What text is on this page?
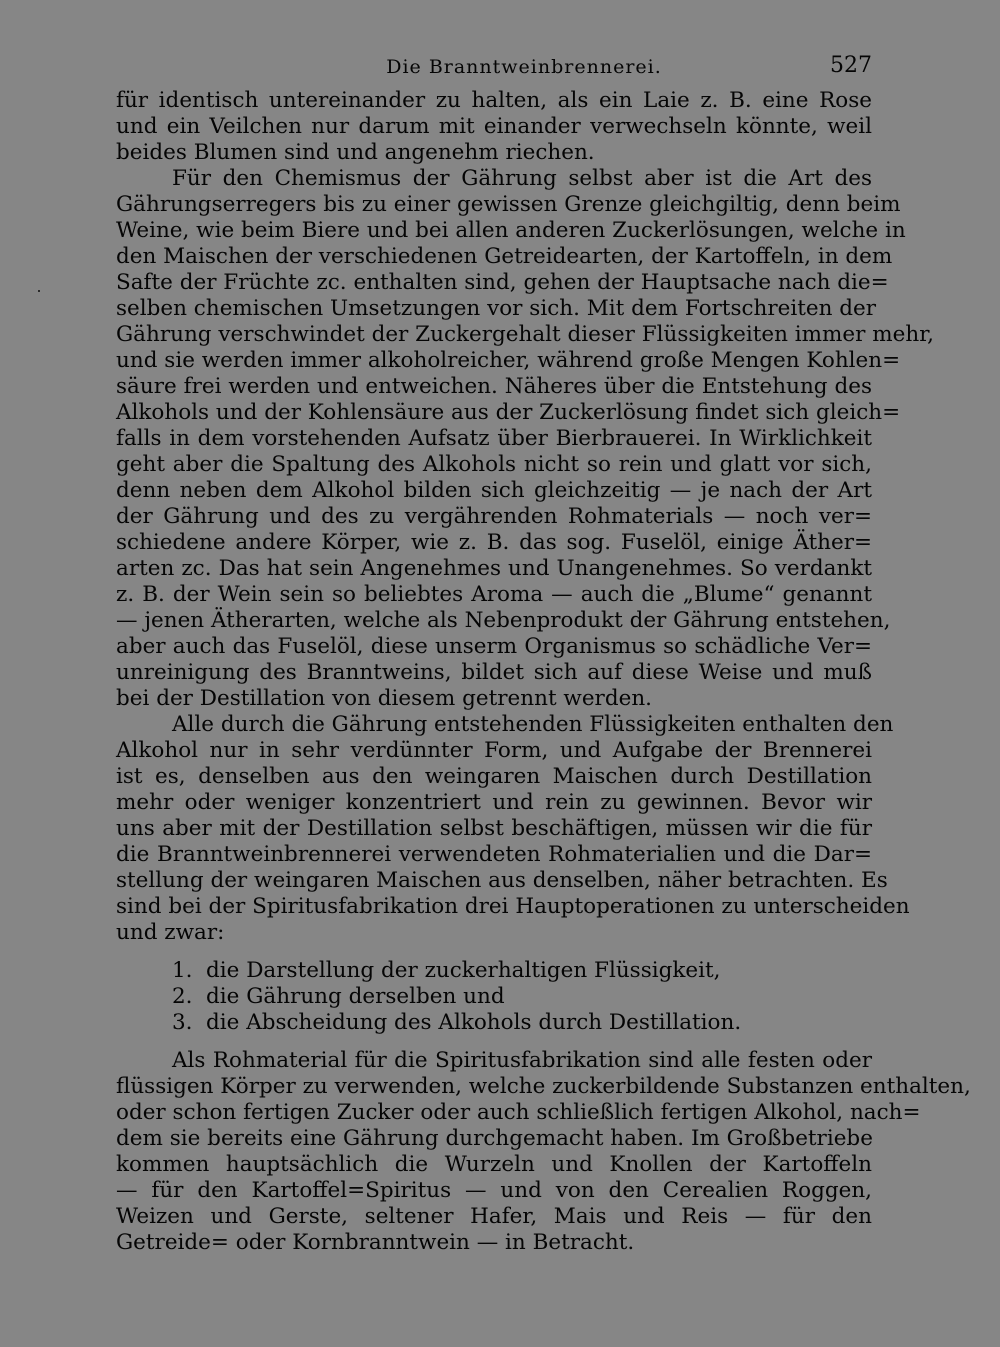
Die Branntweinbrennerei.	527
für identisch untereinander zu halten, als ein Laie z. B. eine Rose
und ein Veilchen nur darum mit einander verwechseln könnte, weil
beides Blumen sind und angenehm riechen.
Für den Chemismus der Gährung selbst aber ist die Art des
Gährungserregers bis zu einer gewissen Grenze gleichgiltig, denn beim
Weine, wie beim Biere und bei allen anderen Zuckerlösungen, welche in
den Maischen der verschiedenen Getreidearten, der Kartoffeln, in dem
Safte der Früchte zc. enthalten sind, gehen der Hauptsache nach die=
selben chemischen Umsetzungen vor sich. Mit dem Fortschreiten der
Gährung verschwindet der Zuckergehalt dieser Flüssigkeiten immer mehr,
und sie werden immer alkoholreicher, während große Mengen Kohlen=
säure frei werden und entweichen. Näheres über die Entstehung des
Alkohols und der Kohlensäure aus der Zuckerlösung findet sich gleich=
falls in dem vorstehenden Aufsatz über Bierbrauerei. In Wirklichkeit
geht aber die Spaltung des Alkohols nicht so rein und glatt vor sich,
denn neben dem Alkohol bilden sich gleichzeitig — je nach der Art
der Gährung und des zu vergährenden Rohmaterials — noch ver=
schiedene andere Körper, wie z. B. das sog. Fuselöl, einige Äther=
arten zc. Das hat sein Angenehmes und Unangenehmes. So verdankt
z. B. der Wein sein so beliebtes Aroma — auch die „Blume“ genannt
— jenen Ätherarten, welche als Nebenprodukt der Gährung entstehen,
aber auch das Fuselöl, diese unserm Organismus so schädliche Ver=
unreinigung des Branntweins, bildet sich auf diese Weise und muß
bei der Destillation von diesem getrennt werden.
Alle durch die Gährung entstehenden Flüssigkeiten enthalten den
Alkohol nur in sehr verdünnter Form, und Aufgabe der Brennerei
ist es, denselben aus den weingaren Maischen durch Destillation
mehr oder weniger konzentriert und rein zu gewinnen. Bevor wir
uns aber mit der Destillation selbst beschäftigen, müssen wir die für
die Branntweinbrennerei verwendeten Rohmaterialien und die Dar=
stellung der weingaren Maischen aus denselben, näher betrachten. Es
sind bei der Spiritusfabrikation drei Hauptoperationen zu unterscheiden
und zwar:
1. die Darstellung der zuckerhaltigen Flüssigkeit,
2. die Gährung derselben und
3. die Abscheidung des Alkohols durch Destillation.
Als Rohmaterial für die Spiritusfabrikation sind alle festen oder
flüssigen Körper zu verwenden, welche zuckerbildende Substanzen enthalten,
oder schon fertigen Zucker oder auch schließlich fertigen Alkohol, nach=
dem sie bereits eine Gährung durchgemacht haben. Im Großbetriebe
kommen hauptsächlich die Wurzeln und Knollen der Kartoffeln
— für den Kartoffel=Spiritus — und von den Cerealien Roggen,
Weizen und Gerste, seltener Hafer, Mais und Reis — für den
Getreide= oder Kornbranntwein — in Betracht.
